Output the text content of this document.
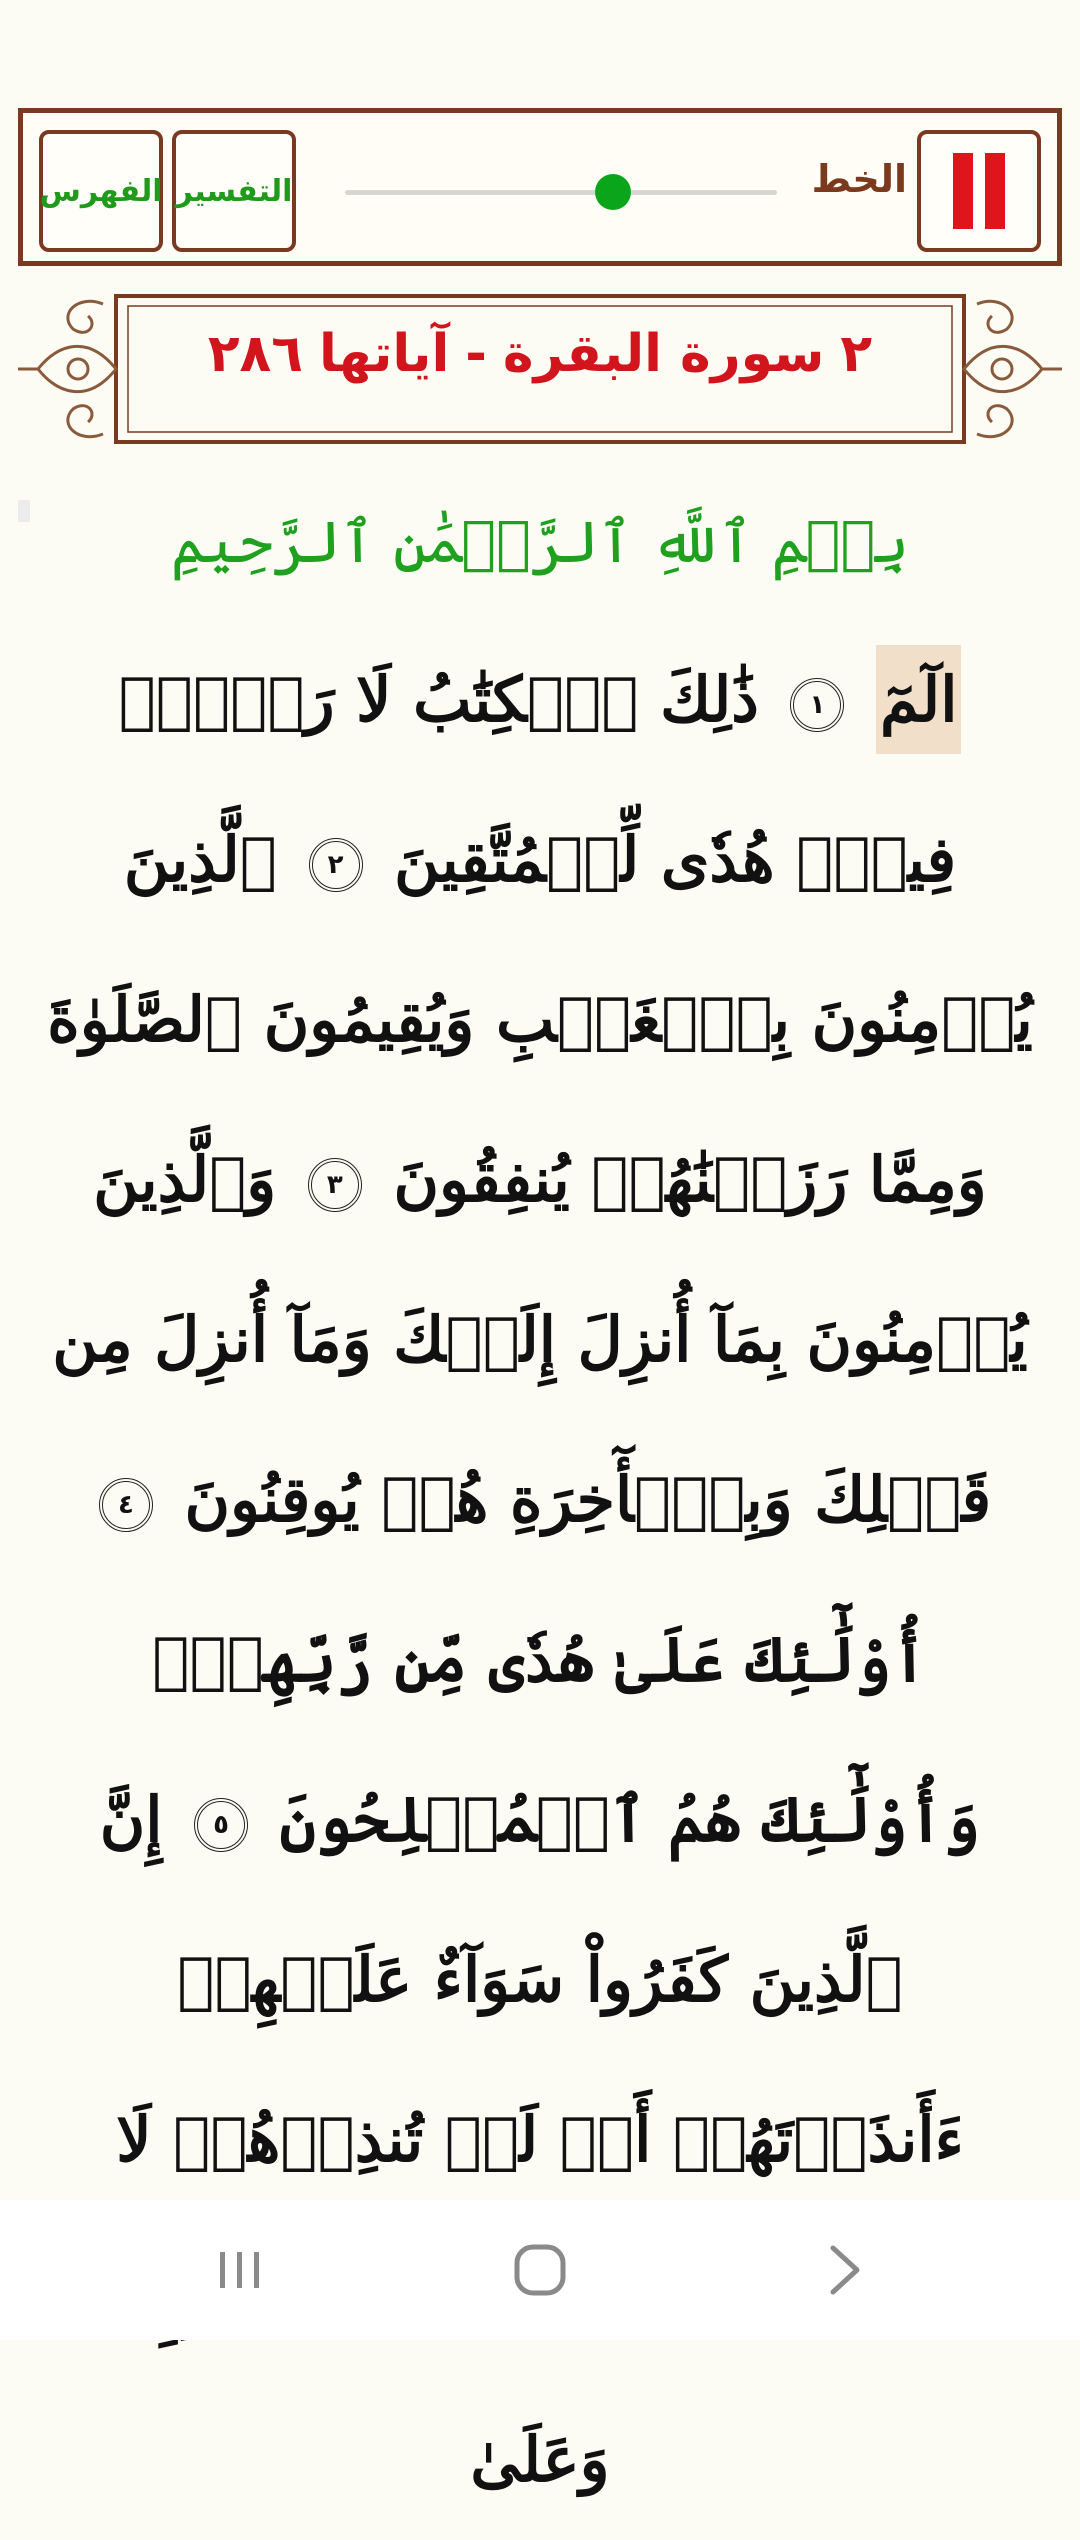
الفهرس التفسير	الخط
٢سورة البقرة-آياتها٢٨٦
بِسۡمِ ٱللَّهِ ٱلرَّحۡمَٰنِ ٱلرَّحِيمِ
الٓمٓ ١ ذَٰلِكَ ٱلۡكِتَٰبُ لَا رَيۡبَۛ فِيهِۛ هُدٗى لِّلۡمُتَّقِينَ ٢ ٱلَّذِينَ يُؤۡمِنُونَ بِٱلۡغَيۡبِ وَيُقِيمُونَ ٱلصَّلَوٰةَ وَمِمَّا رَزَقۡنَٰهُمۡ يُنفِقُونَ ٣ وَٱلَّذِينَ يُؤۡمِنُونَ بِمَآ أُنزِلَ إِلَيۡكَ وَمَآ أُنزِلَ مِن قَبۡلِكَ وَبِٱلۡأٓخِرَةِ هُمۡ يُوقِنُونَ ٤ أُوْلَٰٓئِكَ عَلَىٰ هُدٗى مِّن رَّبِّهِمۡۖ وَأُوْلَٰٓئِكَ هُمُ ٱلۡمُفۡلِحُونَ ٥ إِنَّ ٱلَّذِينَ كَفَرُواْ سَوَآءٌ عَلَيۡهِمۡ ءَأَنذَرۡتَهُمۡ أَمۡ لَمۡ تُنذِرۡهُمۡ لَا  وَعَلَىٰ
